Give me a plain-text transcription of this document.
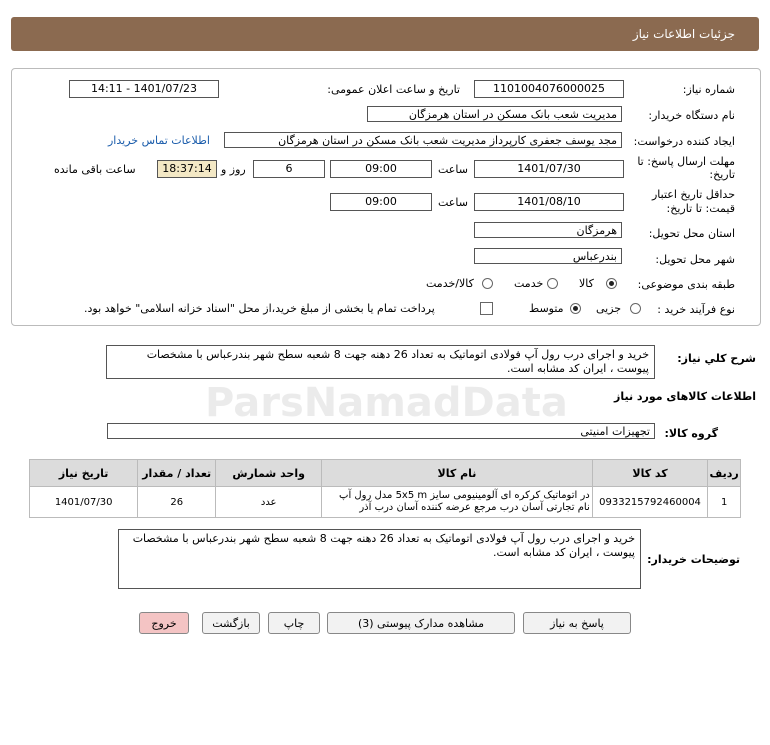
ParsNamadData
جزئیات اطلاعات نیاز
شماره نیاز:
1101004076000025
تاریخ و ساعت اعلان عمومی:
1401/07/23 - 14:11
نام دستگاه خریدار:
مدیریت شعب بانک مسکن در استان هرمزگان
ایجاد کننده درخواست:
مجد یوسف جعفری کارپرداز مدیریت شعب بانک مسکن در استان هرمزگان
اطلاعات تماس خریدار
مهلت ارسال پاسخ: تا
تاریخ:
1401/07/30
ساعت
09:00
6
روز و
18:37:14
ساعت باقی مانده
حداقل تاریخ اعتبار
قیمت: تا تاریخ:
1401/08/10
ساعت
09:00
استان محل تحویل:
هرمزگان
شهر محل تحویل:
بندرعباس
طبقه بندی موضوعی:
کالا
خدمت
کالا/خدمت
نوع فرآیند خرید :
جزیی
متوسط
پرداخت تمام یا بخشی از مبلغ خرید،از محل "اسناد خزانه اسلامی" خواهد بود.
شرح کلي نیاز:
خرید و اجرای درب رول آپ فولادی اتوماتیک به تعداد 26 دهنه جهت 8 شعبه سطح شهر بندرعباس با مشخصات پیوست ، ایران کد مشابه است.
اطلاعات کالاهای مورد نیاز
گروه کالا:
تجهیزات امنیتی
ردیف	کد کالا	نام کالا	واحد شمارش	تعداد / مقدار	تاریخ نیاز
1	0933215792460004	در اتوماتیک کرکره ای آلومینیومی سایز 5x5 m مدل رول آپ نام تجارتی آسان درب مرجع عرضه کننده آسان درب آذر	عدد	26	1401/07/30
توضیحات خریدار:
خرید و اجرای درب رول آپ فولادی اتوماتیک به تعداد 26 دهنه جهت 8 شعبه سطح شهر بندرعباس با مشخصات پیوست ، ایران کد مشابه است.
پاسخ به نیاز
مشاهده مدارک پیوستی (3)
چاپ
بازگشت
خروج
